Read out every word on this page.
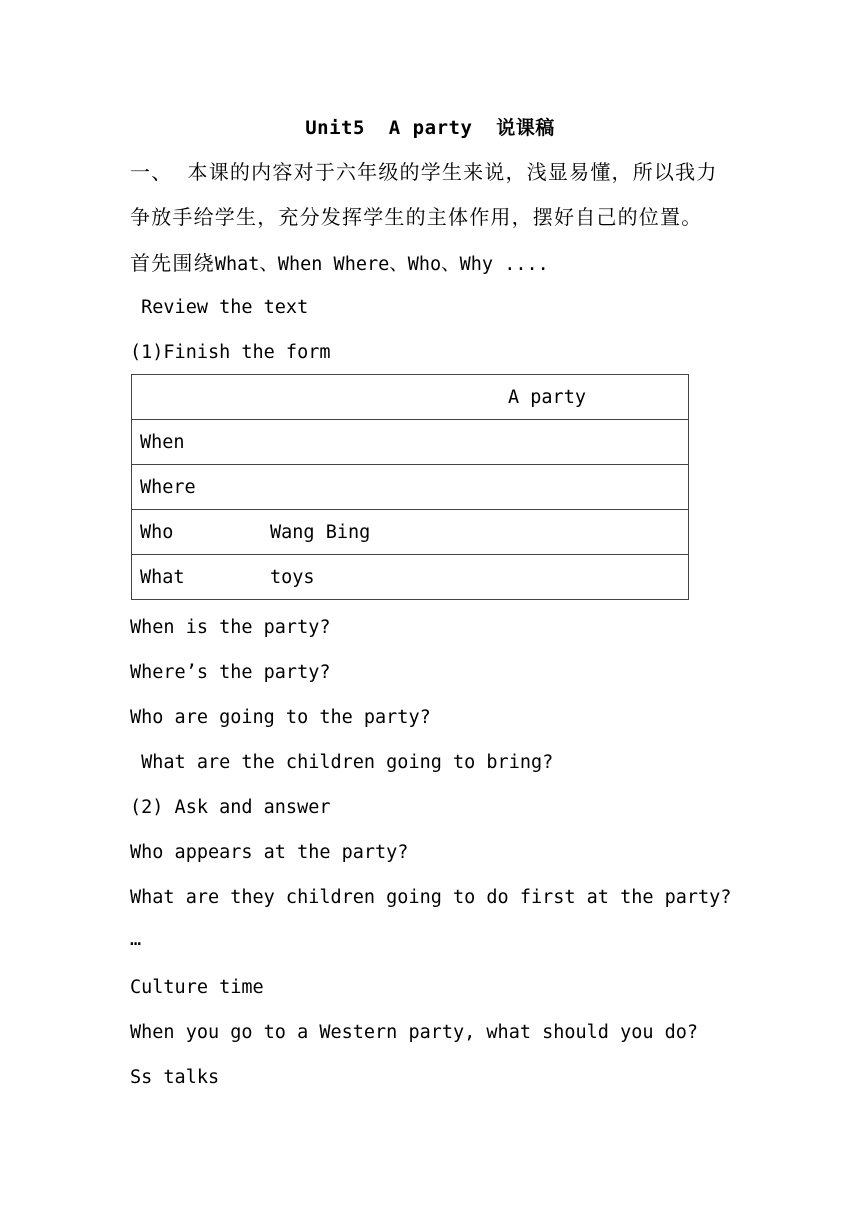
Unit5  A party  说课稿
一、  本课的内容对于六年级的学生来说，浅显易懂，所以我力
争放手给学生，充分发挥学生的主体作用，摆好自己的位置。
首先围绕What、When Where、Who、Why ....
Review the text
(1)Finish the form
A party
When
Where
Who	Wang Bing
What	toys
When is the party?
Where’s the party?
Who are going to the party?
What are the children going to bring?
(2) Ask and answer
Who appears at the party?
What are they children going to do first at the party?
…
Culture time
When you go to a Western party, what should you do?
Ss talks
